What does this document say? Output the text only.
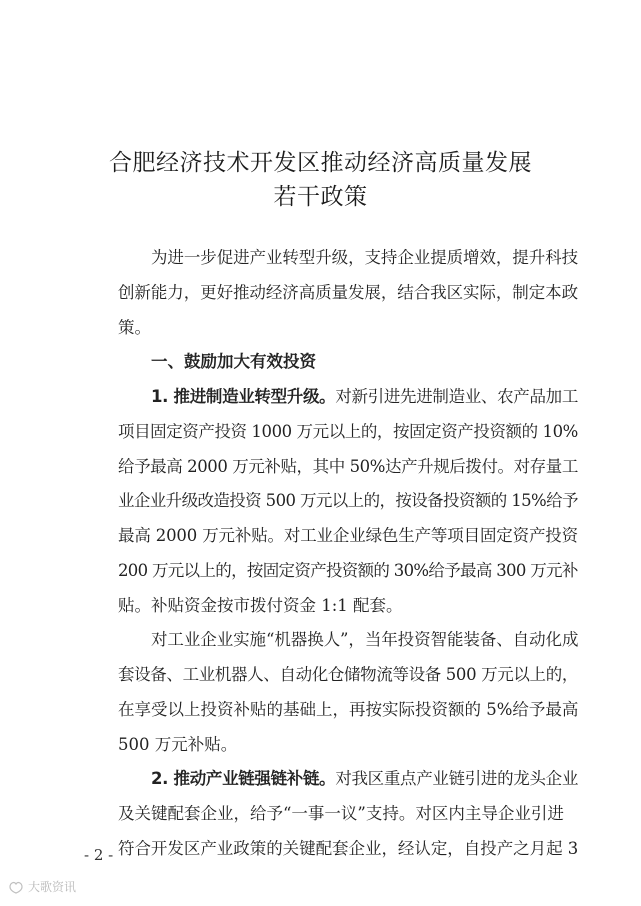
合肥经济技术开发区推动经济高质量发展
若干政策
为进一步促进产业转型升级，支持企业提质增效，提升科技
创新能力，更好推动经济高质量发展，结合我区实际，制定本政
策。
一、鼓励加大有效投资
1. 推进制造业转型升级。对新引进先进制造业、农产品加工
项目固定资产投资 1000 万元以上的，按固定资产投资额的 10%
给予最高 2000 万元补贴，其中 50%达产升规后拨付。对存量工
业企业升级改造投资 500 万元以上的，按设备投资额的 15%给予
最高 2000 万元补贴。对工业企业绿色生产等项目固定资产投资
200 万元以上的，按固定资产投资额的 30%给予最高 300 万元补
贴。补贴资金按市拨付资金 1:1 配套。
对工业企业实施“机器换人”，当年投资智能装备、自动化成
套设备、工业机器人、自动化仓储物流等设备 500 万元以上的，
在享受以上投资补贴的基础上，再按实际投资额的 5%给予最高
500 万元补贴。
2. 推动产业链强链补链。对我区重点产业链引进的龙头企业
及关键配套企业，给予“一事一议”支持。对区内主导企业引进
符合开发区产业政策的关键配套企业，经认定，自投产之月起 3
- 2 -
大歌资讯
